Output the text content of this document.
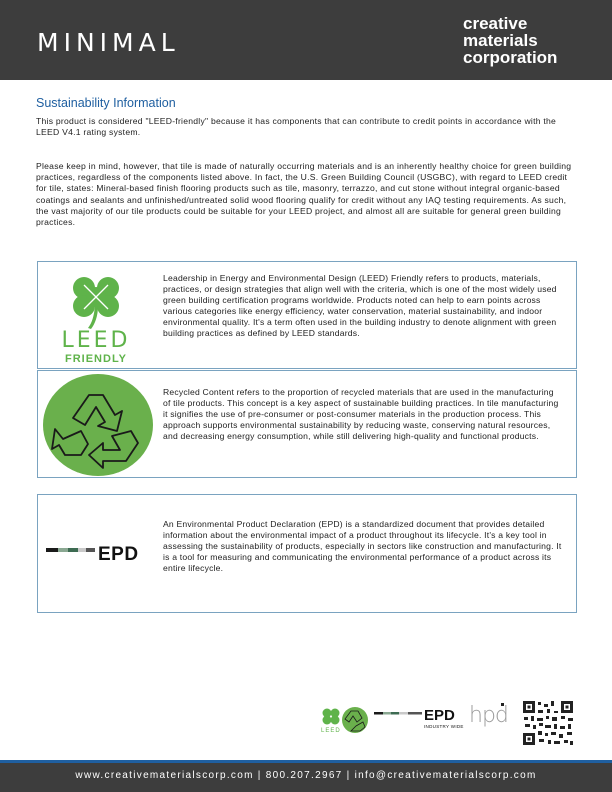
MINIMAL
creative
materials
corporation
Sustainability Information
This product is considered "LEED-friendly" because it has components that can contribute to credit points in accordance with the LEED V4.1 rating system.
Please keep in mind, however, that tile is made of naturally occurring materials and is an inherently healthy choice for green building practices, regardless of the components listed above. In fact, the U.S. Green Building Council (USGBC), with regard to LEED credit for tile, states: Mineral-based finish flooring products such as tile, masonry, terrazzo, and cut stone without integral organic-based coatings and sealants and unfinished/untreated solid wood flooring qualify for credit without any IAQ testing requirements. As such, the vast majority of our tile products could be suitable for your LEED project, and almost all are suitable for general green building practices.
LEED
FRIENDLY
Leadership in Energy and Environmental Design (LEED) Friendly refers to products, materials, practices, or design strategies that align well with the criteria, which is one of the most widely used green building certification programs worldwide. Products noted can help to earn points across various categories like energy efficiency, water conservation, material sustainability, and indoor environmental quality. It's a term often used in the building industry to denote alignment with green building practices as defined by LEED standards.
Recycled Content refers to the proportion of recycled materials that are used in the manufacturing of tile products. This concept is a key aspect of sustainable building practices. In tile manufacturing it signifies the use of pre-consumer or post-consumer materials in the production process. This approach supports environmental sustainability by reducing waste, conserving natural resources, and decreasing energy consumption, while still delivering high-quality and functional products.
EPD
An Environmental Product Declaration (EPD) is a standardized document that provides detailed information about the environmental impact of a product throughout its lifecycle. It's a key tool in assessing the sustainability of products, especially in sectors like construction and manufacturing. It is a tool for measuring and communicating the environmental performance of a product across its entire lifecycle.
LEED
EPD
INDUSTRY WIDE hpd
www.creativematerialscorp.com | 800.207.2967 | info@creativematerialscorp.com
